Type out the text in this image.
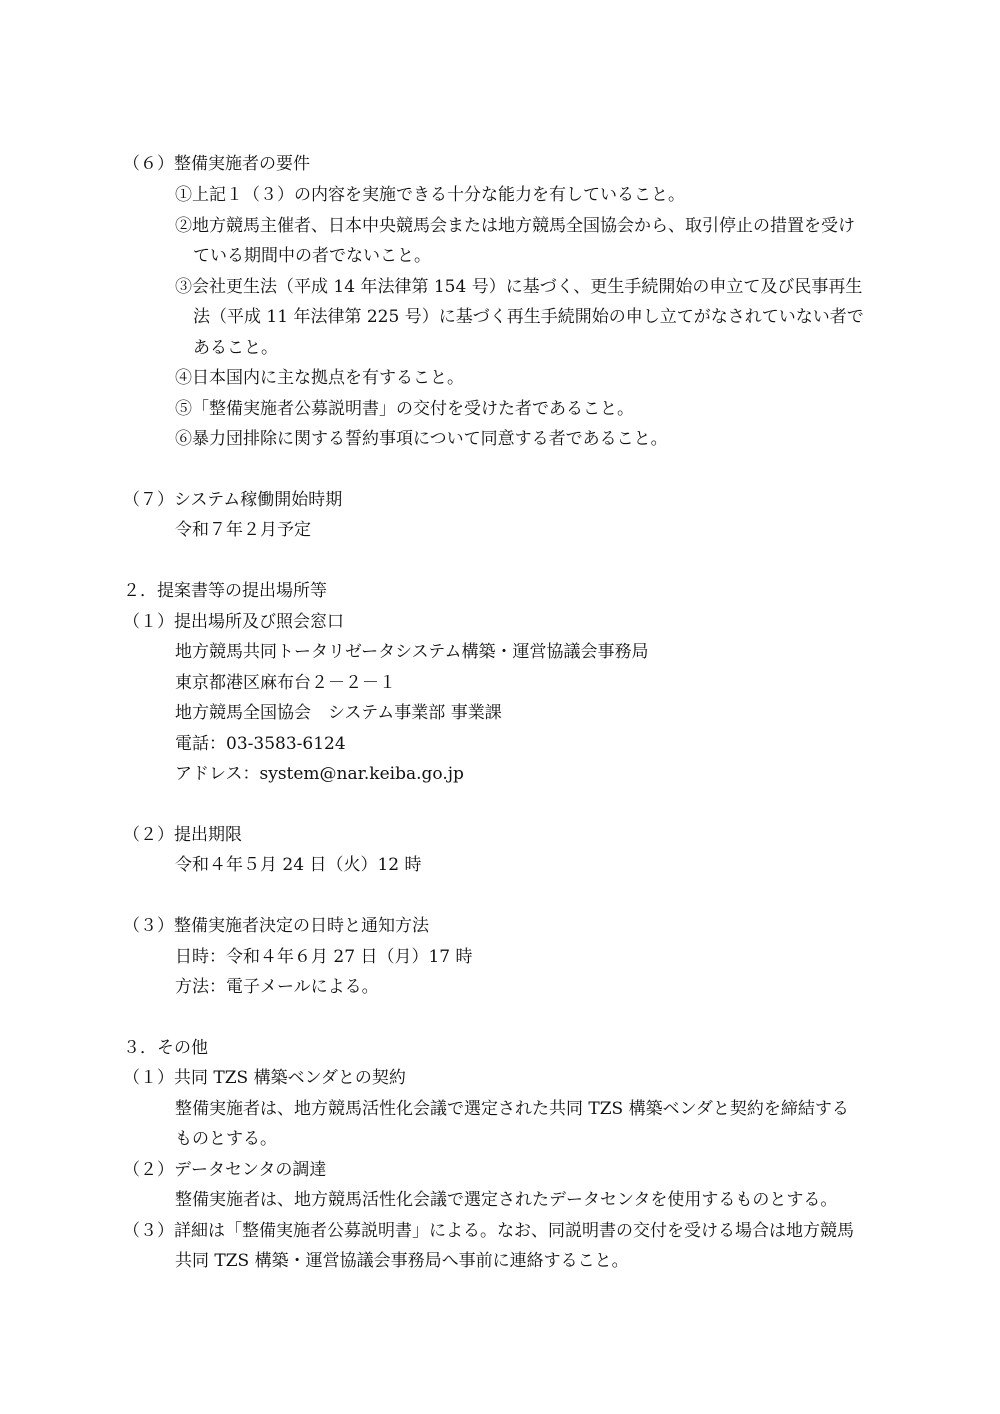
（６）整備実施者の要件
①上記１（３）の内容を実施できる十分な能力を有していること。
②地方競馬主催者、日本中央競馬会または地方競馬全国協会から、取引停止の措置を受け
ている期間中の者でないこと。
③会社更生法（平成 14 年法律第 154 号）に基づく、更生手続開始の申立て及び民事再生
法（平成 11 年法律第 225 号）に基づく再生手続開始の申し立てがなされていない者で
あること。
④日本国内に主な拠点を有すること。
⑤「整備実施者公募説明書」の交付を受けた者であること。
⑥暴力団排除に関する誓約事項について同意する者であること。
（７）システム稼働開始時期
令和７年２月予定
２．提案書等の提出場所等
（１）提出場所及び照会窓口
地方競馬共同トータリゼータシステム構築・運営協議会事務局
東京都港区麻布台２－２－１
地方競馬全国協会　システム事業部 事業課
電話：03-3583-6124
アドレス：system@nar.keiba.go.jp
（２）提出期限
令和４年５月 24 日（火）12 時
（３）整備実施者決定の日時と通知方法
日時：令和４年６月 27 日（月）17 時
方法：電子メールによる。
３．その他
（１）共同 TZS 構築ベンダとの契約
整備実施者は、地方競馬活性化会議で選定された共同 TZS 構築ベンダと契約を締結する
ものとする。
（２）データセンタの調達
整備実施者は、地方競馬活性化会議で選定されたデータセンタを使用するものとする。
（３）詳細は「整備実施者公募説明書」による。なお、同説明書の交付を受ける場合は地方競馬
共同 TZS 構築・運営協議会事務局へ事前に連絡すること。
